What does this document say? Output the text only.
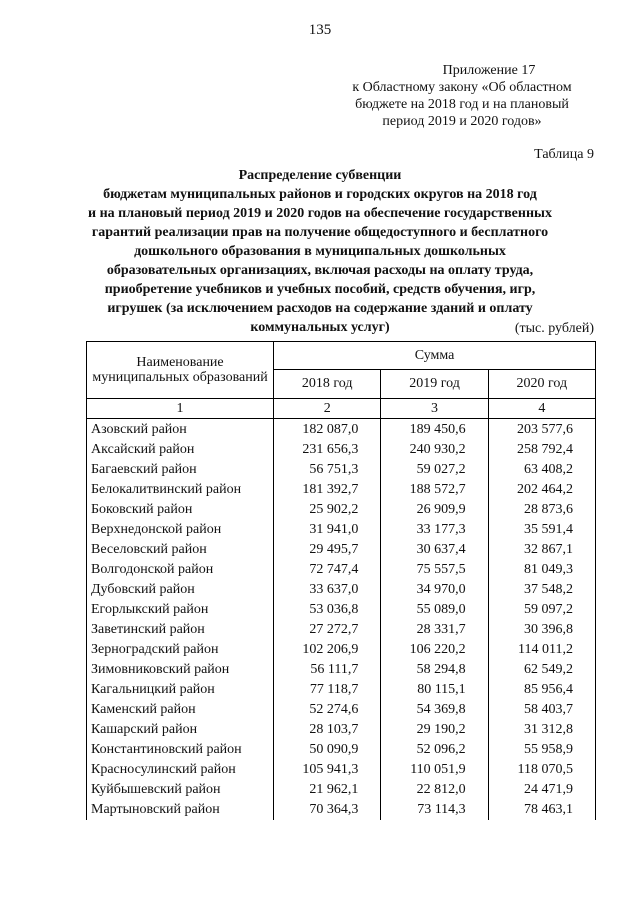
135
Приложение 17
к Областному закону «Об областном
бюджете на 2018 год и на плановый
период 2019 и 2020 годов»
Таблица 9
Распределение субвенции
бюджетам муниципальных районов и городских округов на 2018 год
и на плановый период 2019 и 2020 годов на обеспечение государственных
гарантий реализации прав на получение общедоступного и бесплатного
дошкольного образования в муниципальных дошкольных
образовательных организациях, включая расходы на оплату труда,
приобретение учебников и учебных пособий, средств обучения, игр,
игрушек (за исключением расходов на содержание зданий и оплату
коммунальных услуг)	(тыс. рублей)
Наименование муниципальных образований	Сумма		
	2018 год	2019 год	2020 год
1	2	3	4
Азовский район	182 087,0	189 450,6	203 577,6
Аксайский район	231 656,3	240 930,2	258 792,4
Багаевский район	56 751,3	59 027,2	63 408,2
Белокалитвинский район	181 392,7	188 572,7	202 464,2
Боковский район	25 902,2	26 909,9	28 873,6
Верхнедонской район	31 941,0	33 177,3	35 591,4
Веселовский район	29 495,7	30 637,4	32 867,1
Волгодонской район	72 747,4	75 557,5	81 049,3
Дубовский район	33 637,0	34 970,0	37 548,2
Егорлыкский район	53 036,8	55 089,0	59 097,2
Заветинский район	27 272,7	28 331,7	30 396,8
Зерноградский район	102 206,9	106 220,2	114 011,2
Зимовниковский район	56 111,7	58 294,8	62 549,2
Кагальницкий район	77 118,7	80 115,1	85 956,4
Каменский район	52 274,6	54 369,8	58 403,7
Кашарский район	28 103,7	29 190,2	31 312,8
Константиновский район	50 090,9	52 096,2	55 958,9
Красносулинский район	105 941,3	110 051,9	118 070,5
Куйбышевский район	21 962,1	22 812,0	24 471,9
Мартыновский район	70 364,3	73 114,3	78 463,1
